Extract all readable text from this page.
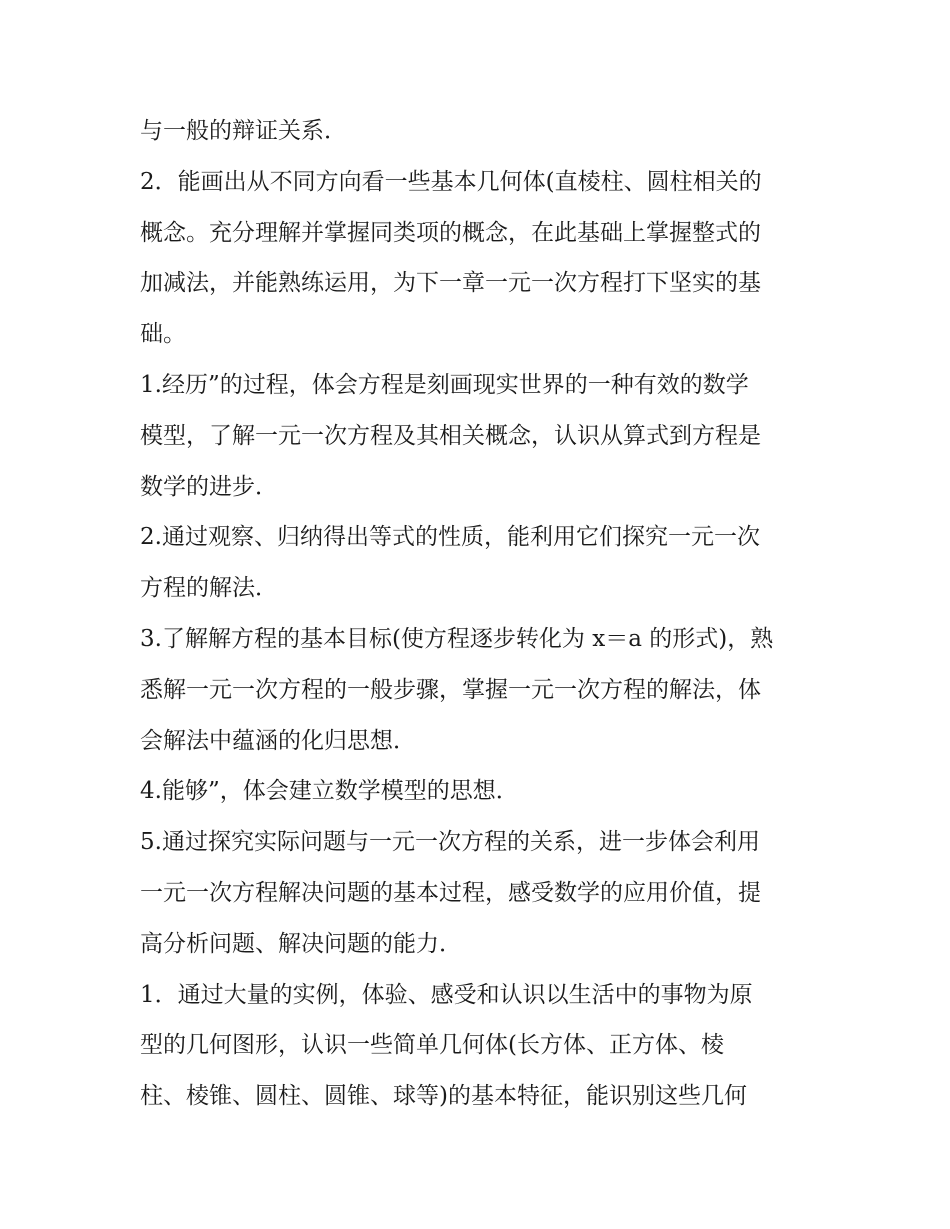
与一般的辩证关系．
2．能画出从不同方向看一些基本几何体(直棱柱、圆柱相关的
概念。充分理解并掌握同类项的概念，在此基础上掌握整式的
加减法，并能熟练运用，为下一章一元一次方程打下坚实的基
础。
1.经历”的过程，体会方程是刻画现实世界的一种有效的数学
模型，了解一元一次方程及其相关概念，认识从算式到方程是
数学的进步．
2.通过观察、归纳得出等式的性质，能利用它们探究一元一次
方程的解法．
3.了解解方程的基本目标(使方程逐步转化为 x＝a 的形式)，熟
悉解一元一次方程的一般步骤，掌握一元一次方程的解法，体
会解法中蕴涵的化归思想．
4.能够”，体会建立数学模型的思想．
5.通过探究实际问题与一元一次方程的关系，进一步体会利用
一元一次方程解决问题的基本过程，感受数学的应用价值，提
高分析问题、解决问题的能力．
1．通过大量的实例，体验、感受和认识以生活中的事物为原
型的几何图形，认识一些简单几何体(长方体、正方体、棱
柱、棱锥、圆柱、圆锥、球等)的基本特征，能识别这些几何
